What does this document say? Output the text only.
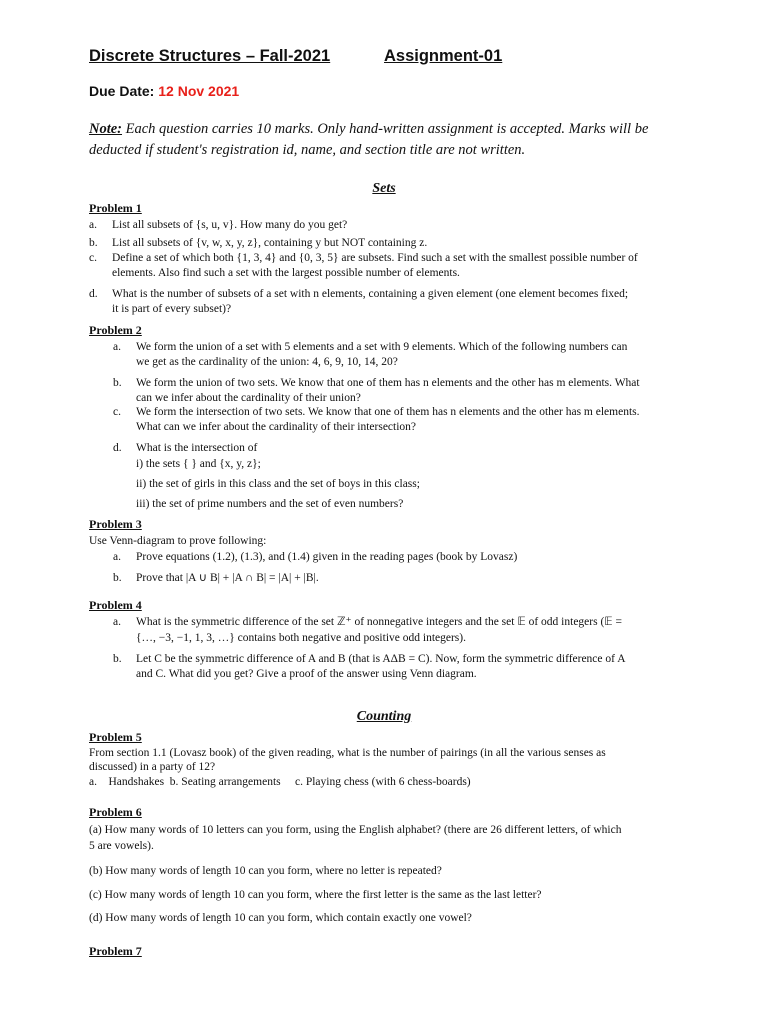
Discrete Structures – Fall-2021	Assignment-01
Due Date: 12 Nov 2021
Note: Each question carries 10 marks. Only hand-written assignment is accepted. Marks will be
deducted if student's registration id, name, and section title are not written.
Sets
Problem 1
a. List all subsets of {s, u, v}. How many do you get?
b. List all subsets of {v, w, x, y, z}, containing y but NOT containing z.
c. Define a set of which both {1, 3, 4} and {0, 3, 5} are subsets. Find such a set with the smallest possible number of
elements. Also find such a set with the largest possible number of elements.
d. What is the number of subsets of a set with n elements, containing a given element (one element becomes fixed;
it is part of every subset)?
Problem 2
a. We form the union of a set with 5 elements and a set with 9 elements. Which of the following numbers can
we get as the cardinality of the union: 4, 6, 9, 10, 14, 20?
b. We form the union of two sets. We know that one of them has n elements and the other has m elements. What
can we infer about the cardinality of their union?
c. We form the intersection of two sets. We know that one of them has n elements and the other has m elements.
What can we infer about the cardinality of their intersection?
d. What is the intersection of
i) the sets { } and {x, y, z};
ii) the set of girls in this class and the set of boys in this class;
iii) the set of prime numbers and the set of even numbers?
Problem 3
Use Venn-diagram to prove following:
a. Prove equations (1.2), (1.3), and (1.4) given in the reading pages (book by Lovasz)
b. Prove that |A ∪ B| + |A ∩ B| = |A| + |B|.
Problem 4
a. What is the symmetric difference of the set ℤ⁺ of nonnegative integers and the set 𝔼 of odd integers (𝔼 =
{…, −3, −1, 1, 3, …} contains both negative and positive odd integers).
b. Let C be the symmetric difference of A and B (that is AΔB = C). Now, form the symmetric difference of A
and C. What did you get? Give a proof of the answer using Venn diagram.
Counting
Problem 5
From section 1.1 (Lovasz book) of the given reading, what is the number of pairings (in all the various senses as
discussed) in a party of 12?
a.    Handshakes  b. Seating arrangements     c. Playing chess (with 6 chess-boards)
Problem 6
(a) How many words of 10 letters can you form, using the English alphabet? (there are 26 different letters, of which
5 are vowels).
(b) How many words of length 10 can you form, where no letter is repeated?
(c) How many words of length 10 can you form, where the first letter is the same as the last letter?
(d) How many words of length 10 can you form, which contain exactly one vowel?
Problem 7
